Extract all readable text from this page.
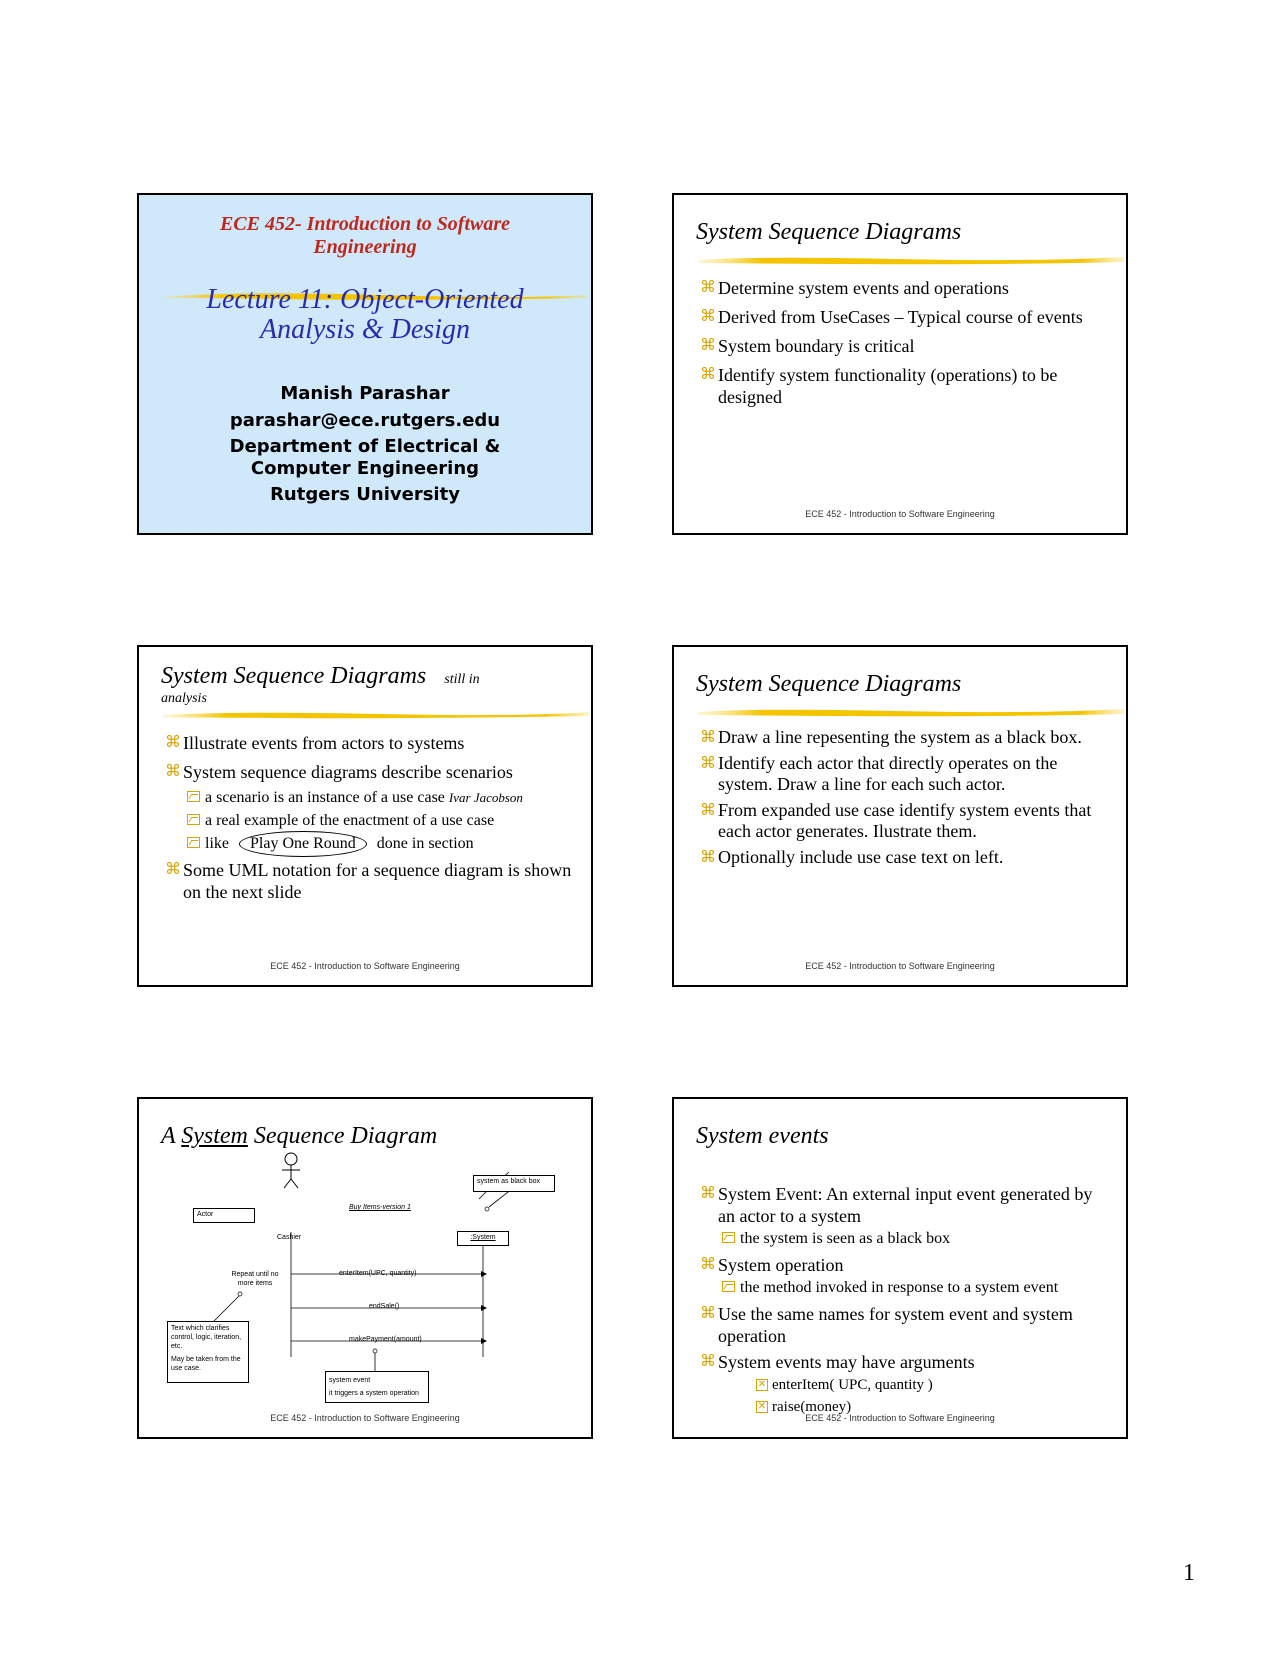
ECE 452- Introduction to Software Engineering
Lecture 11: Object-Oriented
Analysis & Design
Manish Parashar
parashar@ece.rutgers.edu
Department of Electrical &
Computer Engineering
Rutgers University
System Sequence Diagrams
⌘ Determine system events and operations
⌘ Derived from UseCases – Typical course of events
⌘ System boundary is critical
⌘ Identify system functionality (operations) to be designed
ECE 452 - Introduction to Software Engineering
System Sequence Diagrams still in
analysis
⌘ Illustrate events from actors to systems
⌘ System sequence diagrams describe scenarios
a scenario is an instance of a use case Ivar Jacobson
a real example of the enactment of a use case
like Play One Round done in section
⌘ Some UML notation for a sequence diagram is shown on the next slide
ECE 452 - Introduction to Software Engineering
System Sequence Diagrams
⌘ Draw a line repesenting the system as a black box.
⌘ Identify each actor that directly operates on the system. Draw a line for each such actor.
⌘ From expanded use case identify system events that each actor generates. Ilustrate them.
⌘ Optionally include use case text on left.
ECE 452 - Introduction to Software Engineering
A System Sequence Diagram
system as black box
Actor
Buy Items-version 1
Cashier	:System
Repeat until no more items
enterItem(UPC, quantity)
endSale()
makePayment(amount)
Text which clarifies control, logic, iteration, etc.
May be taken from the use case.
system event
it triggers a system operation
ECE 452 - Introduction to Software Engineering
System events
⌘ System Event: An external input event generated by an actor to a system
the system is seen as a black box
⌘ System operation
the method invoked in response to a system event
⌘ Use the same names for system event and system operation
⌘ System events may have arguments
✕ enterItem( UPC, quantity )
✕ raise(money)
ECE 452 - Introduction to Software Engineering
1
